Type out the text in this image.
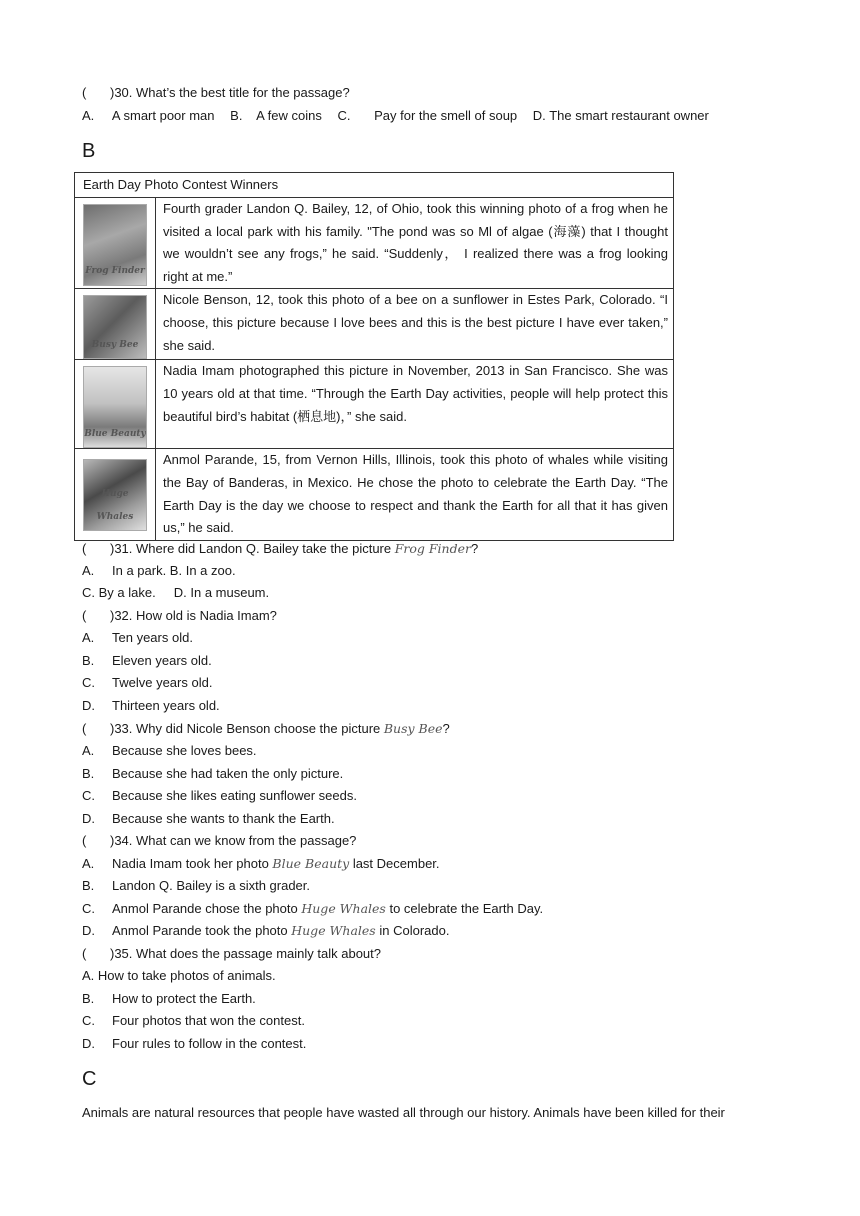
( )30. What’s the best title for the passage?
A. A smart poor man B. A few coins C. Pay for the smell of soup D. The smart restaurant owner
B
Earth Day Photo Contest Winners	

Frog Finder	Fourth grader Landon Q. Bailey, 12, of Ohio, took this winning photo of a frog when he visited a local park with his family. "The pond was so Ml of algae (海藻) that I thought we wouldn’t see any frogs,” he said. “Suddenly， I realized there was a frog looking right at me.”

Busy Bee	Nicole Benson, 12, took this photo of a bee on a sunflower in Estes Park, Colorado. “I choose, this picture because I love bees and this is the best picture I have ever taken,” she said.

Blue Beauty	Nadia Imam photographed this picture in November, 2013 in San Francisco. She was 10 years old at that time. “Through the Earth Day activities, people will help protect this beautiful bird’s habitat (栖息地)，” she said.

Huge Whales	Anmol Parande, 15, from Vernon Hills, Illinois, took this photo of whales while visiting the Bay of Banderas, in Mexico. He chose the photo to celebrate the Earth Day. “The Earth Day is the day we choose to respect and thank the Earth for all that it has given us,” he said.
( )31. Where did Landon Q. Bailey take the picture Frog Finder?
A. In a park. B. In a zoo.
C. By a lake.     D. In a museum.
( )32. How old is Nadia Imam?
A. Ten years old.
B. Eleven years old.
C. Twelve years old.
D. Thirteen years old.
( )33. Why did Nicole Benson choose the picture Busy Bee?
A. Because she loves bees.
B. Because she had taken the only picture.
C. Because she likes eating sunflower seeds.
D. Because she wants to thank the Earth.
( )34. What can we know from the passage?
A. Nadia Imam took her photo Blue Beauty last December.
B. Landon Q. Bailey is a sixth grader.
C. Anmol Parande chose the photo Huge Whales to celebrate the Earth Day.
D. Anmol Parande took the photo Huge Whales in Colorado.
( )35. What does the passage mainly talk about?
A. How to take photos of animals.
B. How to protect the Earth.
C. Four photos that won the contest.
D. Four rules to follow in the contest.
C
Animals are natural resources that people have wasted all through our history. Animals have been killed for their
